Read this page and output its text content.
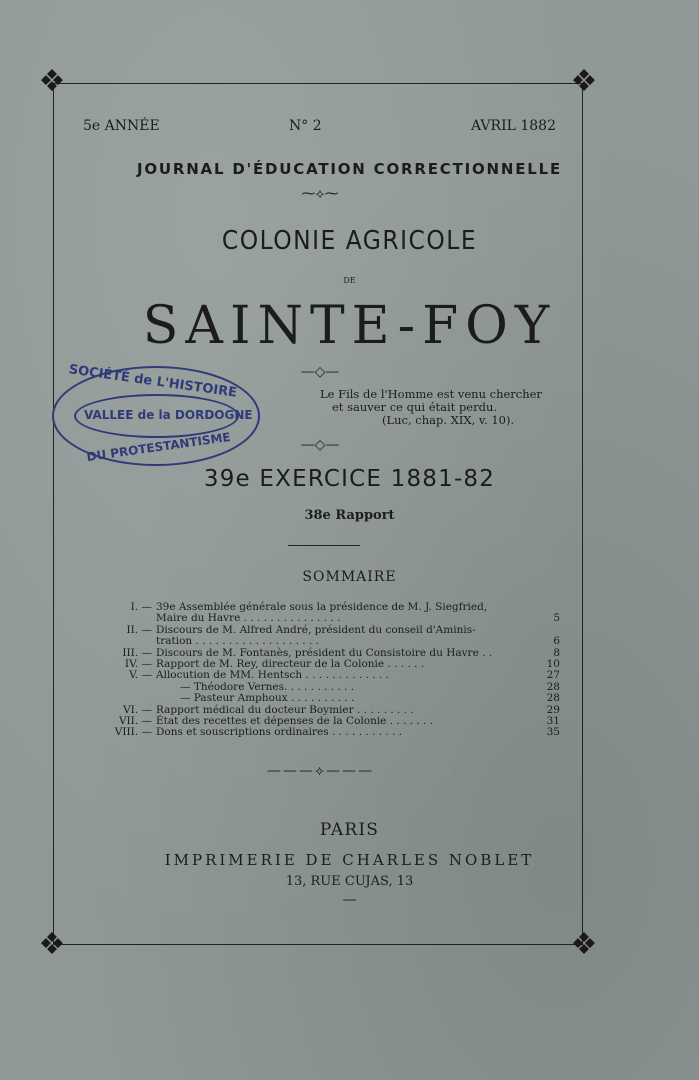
❖	❖
❖	❖
5e ANNÉE	N° 2	AVRIL 1882
JOURNAL D'ÉDUCATION CORRECTIONNELLE
⁓⟡⁓
COLONIE AGRICOLE
DE
SAINTE-FOY
—◇—
Le Fils de l'Homme est venu chercher
et sauver ce qui était perdu.
(Luc, chap. XIX, v. 10).
SOCIÉTÉ de L'HISTOIRE
VALLEE de la DORDOGNE
DU PROTESTANTISME	—◇—
39e EXERCICE 1881-82
38e Rapport
SOMMAIRE
I. — 39e Assemblée générale sous la présidence de M. J. Siegfried,
Maire du Havre . . . . . . . . . . . . . . .	5
II. — Discours de M. Alfred André, président du conseil d'Aminis-
tration . . . . . . . . . . . . . . . . . . .	6
III. — Discours de M. Fontanès, président du Consistoire du Havre . .	8
IV. — Rapport de M. Rey, directeur de la Colonie . . . . . .	10
V. — Allocution de MM. Hentsch . . . . . . . . . . . . .	27
— Théodore Vernes. . . . . . . . . . .	28
— Pasteur Amphoux . . . . . . . . . .	28
VI. — Rapport médical du docteur Boymier . . . . . . . . .	29
VII. — État des recettes et dépenses de la Colonie . . . . . . .	31
VIII. — Dons et souscriptions ordinaires . . . . . . . . . . .	35
———⟡———
PARIS
IMPRIMERIE DE CHARLES NOBLET
13, RUE CUJAS, 13
—
